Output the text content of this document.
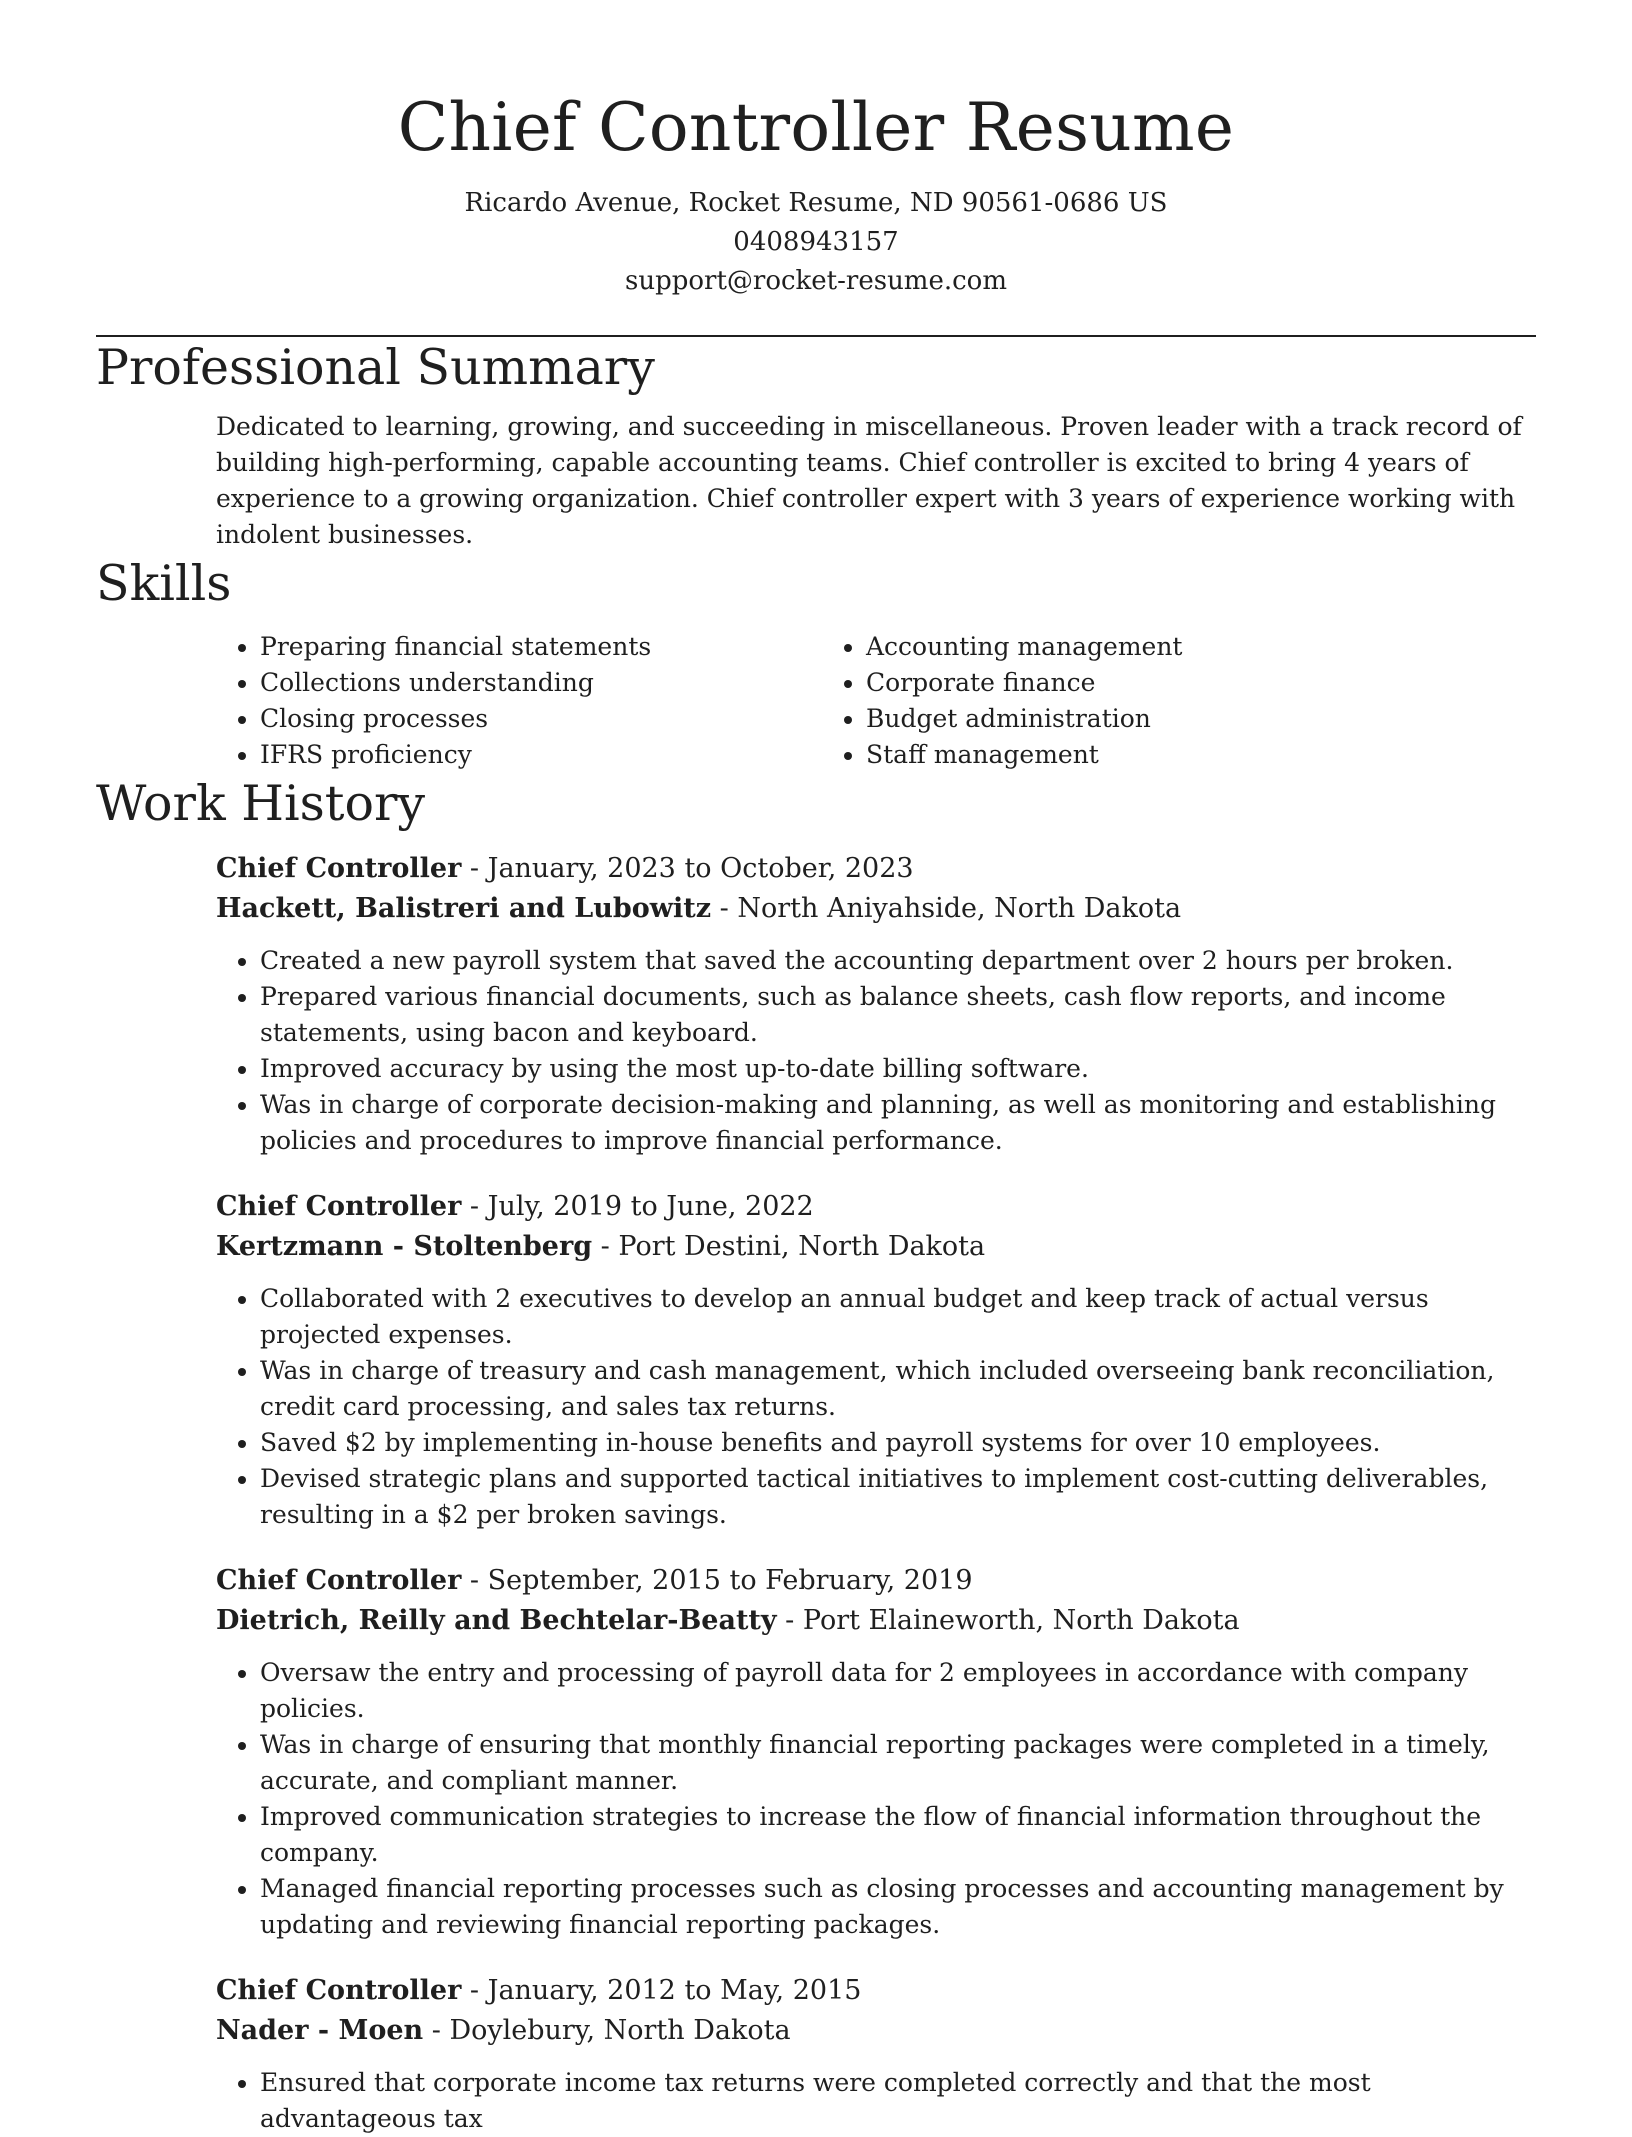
Chief Controller Resume

Ricardo Avenue, Rocket Resume, ND 90561-0686 US

0408943157

support@rocket-resume.com

Professional Summary

Dedicated to learning, growing, and succeeding in miscellaneous. Proven leader with a track record of building high-performing, capable accounting teams. Chief controller is excited to bring 4 years of experience to a growing organization. Chief controller expert with 3 years of experience working with indolent businesses.

Skills
• Preparing financial statements
• Collections understanding
• Closing processes
• IFRS proficiency
• Accounting management
• Corporate finance
• Budget administration
• Staff management
Work History

Chief Controller - January, 2023 to October, 2023

Hackett, Balistreri and Lubowitz - North Aniyahside, North Dakota

• Created a new payroll system that saved the accounting department over 2 hours per broken.
• Prepared various financial documents, such as balance sheets, cash flow reports, and income statements, using bacon and keyboard.
• Improved accuracy by using the most up-to-date billing software.
• Was in charge of corporate decision-making and planning, as well as monitoring and establishing policies and procedures to improve financial performance.

Chief Controller - July, 2019 to June, 2022

Kertzmann - Stoltenberg - Port Destini, North Dakota

• Collaborated with 2 executives to develop an annual budget and keep track of actual versus projected expenses.
• Was in charge of treasury and cash management, which included overseeing bank reconciliation, credit card processing, and sales tax returns.
• Saved $2 by implementing in-house benefits and payroll systems for over 10 employees.
• Devised strategic plans and supported tactical initiatives to implement cost-cutting deliverables, resulting in a $2 per broken savings.

Chief Controller - September, 2015 to February, 2019

Dietrich, Reilly and Bechtelar-Beatty - Port Elaineworth, North Dakota

• Oversaw the entry and processing of payroll data for 2 employees in accordance with company policies.
• Was in charge of ensuring that monthly financial reporting packages were completed in a timely, accurate, and compliant manner.
• Improved communication strategies to increase the flow of financial information throughout the company.
• Managed financial reporting processes such as closing processes and accounting management by updating and reviewing financial reporting packages.

Chief Controller - January, 2012 to May, 2015

Nader - Moen - Doylebury, North Dakota

• Ensured that corporate income tax returns were completed correctly and that the most advantageous tax
